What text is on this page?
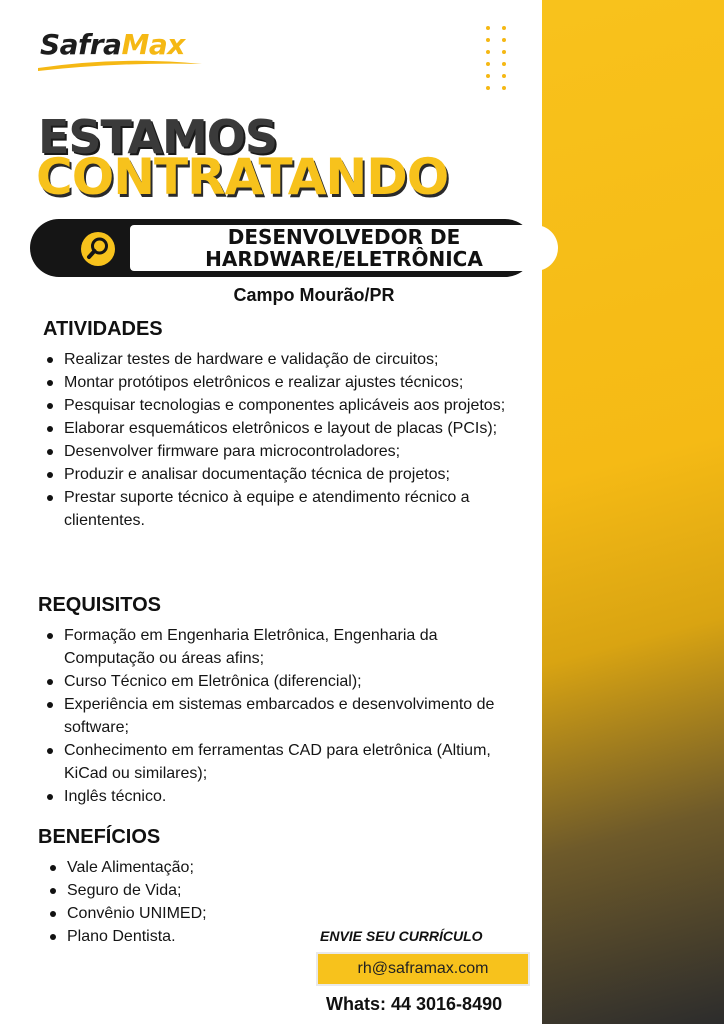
SafraMax
ESTAMOS
CONTRATANDO
DESENVOLVEDOR DE
HARDWARE/ELETRÔNICA
Campo Mourão/PR
ATIVIDADES
Realizar testes de hardware e validação de circuitos;
Montar protótipos eletrônicos e realizar ajustes técnicos;
Pesquisar tecnologias e componentes aplicáveis aos projetos;
Elaborar esquemáticos eletrônicos e layout de placas (PCIs);
Desenvolver firmware para microcontroladores;
Produzir e analisar documentação técnica de projetos;
Prestar suporte técnico à equipe e atendimento récnico a cliententes.
REQUISITOS
Formação em Engenharia Eletrônica, Engenharia da Computação ou áreas afins;
Curso Técnico em Eletrônica (diferencial);
Experiência em sistemas embarcados e desenvolvimento de software;
Conhecimento em ferramentas CAD para eletrônica (Altium, KiCad ou similares);
Inglês técnico.
BENEFÍCIOS
Vale Alimentação;
Seguro de Vida;
Convênio UNIMED;
Plano Dentista.	ENVIE SEU CURRÍCULO
rh@saframax.com
Whats: 44 3016-8490
